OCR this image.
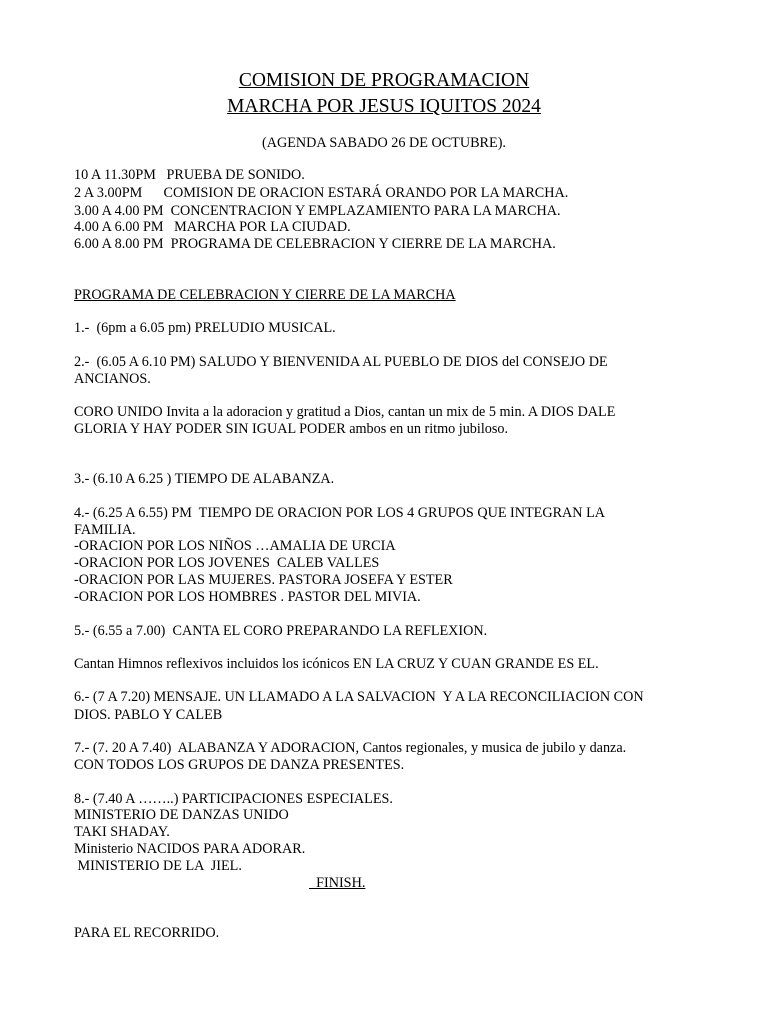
COMISION DE PROGRAMACION
MARCHA POR JESUS IQUITOS 2024
(AGENDA SABADO 26 DE OCTUBRE).
10 A 11.30PM   PRUEBA DE SONIDO.
2 A 3.00PM      COMISION DE ORACION ESTARÁ ORANDO POR LA MARCHA.
3.00 A 4.00 PM  CONCENTRACION Y EMPLAZAMIENTO PARA LA MARCHA.
4.00 A 6.00 PM   MARCHA POR LA CIUDAD.
6.00 A 8.00 PM  PROGRAMA DE CELEBRACION Y CIERRE DE LA MARCHA.
PROGRAMA DE CELEBRACION Y CIERRE DE LA MARCHA
1.-  (6pm a 6.05 pm) PRELUDIO MUSICAL.
2.-  (6.05 A 6.10 PM) SALUDO Y BIENVENIDA AL PUEBLO DE DIOS del CONSEJO DE
ANCIANOS.
CORO UNIDO Invita a la adoracion y gratitud a Dios, cantan un mix de 5 min. A DIOS DALE
GLORIA Y HAY PODER SIN IGUAL PODER ambos en un ritmo jubiloso.
3.- (6.10 A 6.25 ) TIEMPO DE ALABANZA.
4.- (6.25 A 6.55) PM  TIEMPO DE ORACION POR LOS 4 GRUPOS QUE INTEGRAN LA
FAMILIA.
-ORACION POR LOS NIÑOS …AMALIA DE URCIA
-ORACION POR LOS JOVENES  CALEB VALLES
-ORACION POR LAS MUJERES. PASTORA JOSEFA Y ESTER
-ORACION POR LOS HOMBRES . PASTOR DEL MIVIA.
5.- (6.55 a 7.00)  CANTA EL CORO PREPARANDO LA REFLEXION.
Cantan Himnos reflexivos incluidos los icónicos EN LA CRUZ Y CUAN GRANDE ES EL.
6.- (7 A 7.20) MENSAJE. UN LLAMADO A LA SALVACION  Y A LA RECONCILIACION CON
DIOS. PABLO Y CALEB
7.- (7. 20 A 7.40)  ALABANZA Y ADORACION, Cantos regionales, y musica de jubilo y danza.
CON TODOS LOS GRUPOS DE DANZA PRESENTES.
8.- (7.40 A ……..) PARTICIPACIONES ESPECIALES.
MINISTERIO DE DANZAS UNIDO
TAKI SHADAY.
Ministerio NACIDOS PARA ADORAR.
MINISTERIO DE LA  JIEL.
FINISH.
PARA EL RECORRIDO.
